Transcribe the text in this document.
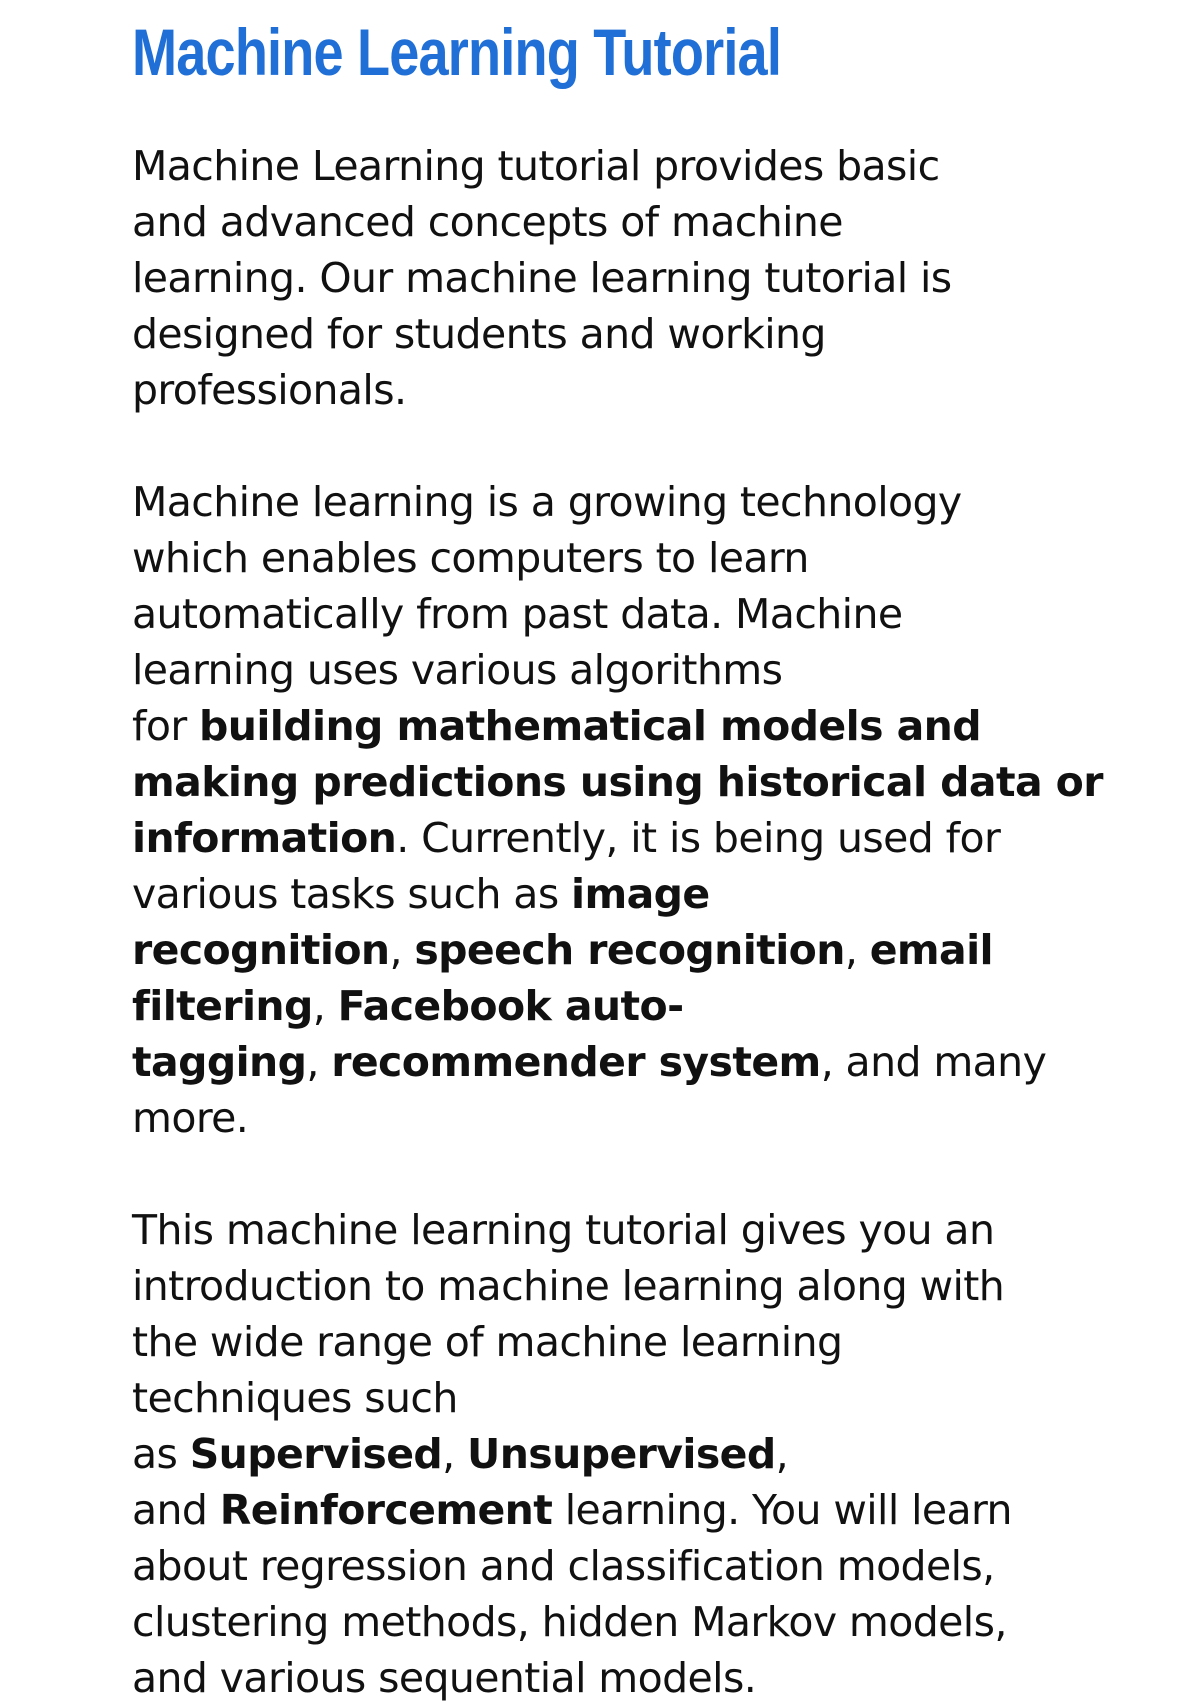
Machine Learning Tutorial

Machine Learning tutorial provides basic
and advanced concepts of machine
learning. Our machine learning tutorial is
designed for students and working
professionals.

Machine learning is a growing technology
which enables computers to learn
automatically from past data. Machine
learning uses various algorithms
for building mathematical models and
making predictions using historical data or
information. Currently, it is being used for
various tasks such as image
recognition, speech recognition, email
filtering, Facebook auto-
tagging, recommender system, and many
more.

This machine learning tutorial gives you an
introduction to machine learning along with
the wide range of machine learning
techniques such
as Supervised, Unsupervised,
and Reinforcement learning. You will learn
about regression and classification models,
clustering methods, hidden Markov models,
and various sequential models.
